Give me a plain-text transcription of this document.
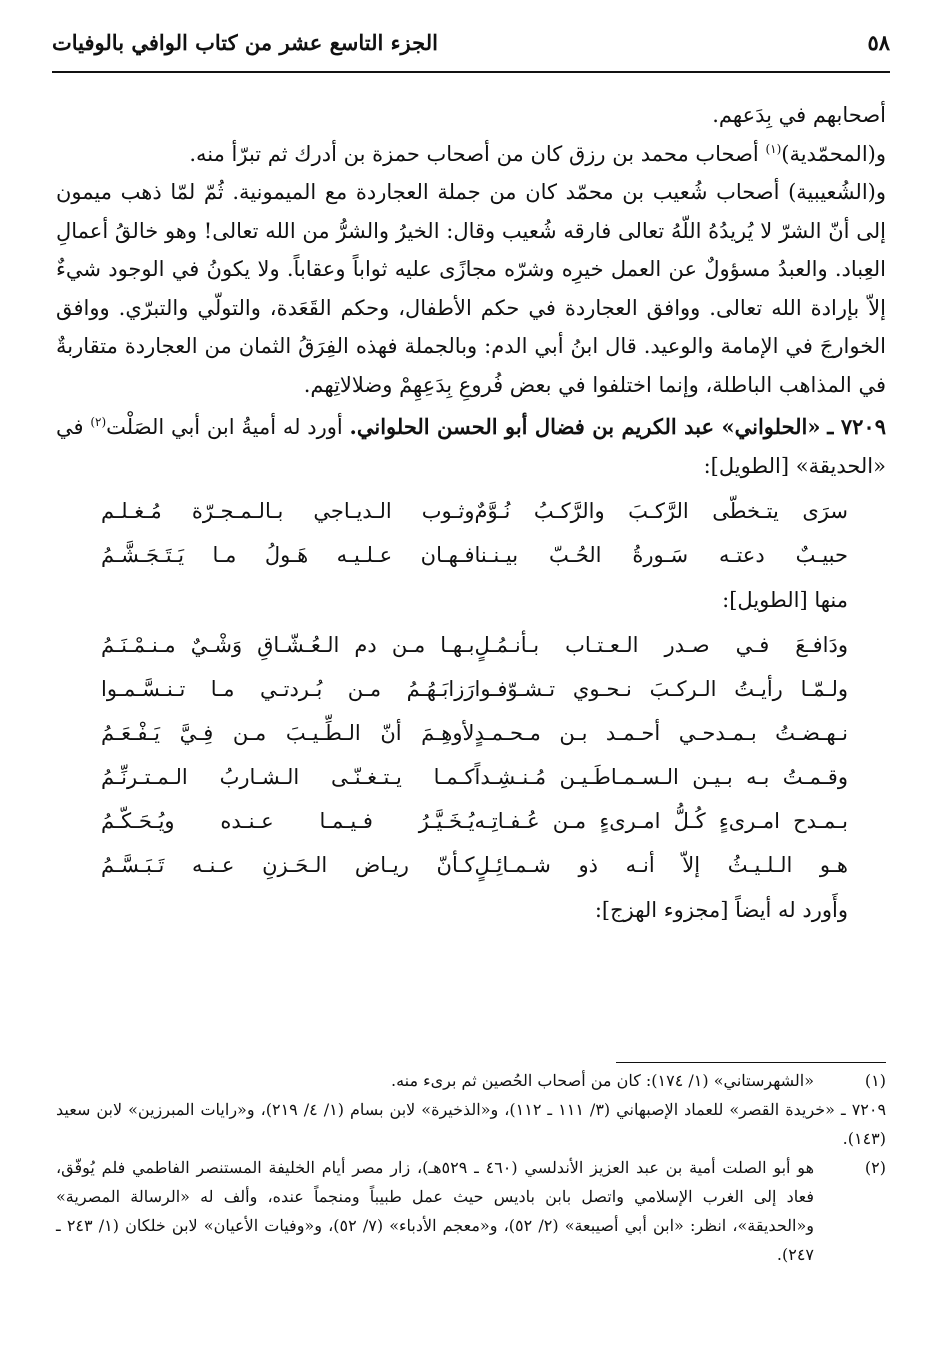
٥٨
الجزء التاسع عشر من كتاب الوافي بالوفيات

أصحابهم في بِدَعهم.

و(المحمّدية)$^{(١)}$ أصحاب محمد بن رزق كان من أصحاب حمزة بن أدرك ثم تبرّأ منه.

و(الشُعيبية) أصحاب شُعيب بن محمّد كان من جملة العجاردة مع الميمونية. ثُمّ لمّا ذهب ميمون إلى أنّ الشرّ لا يُريدُهُ اللّهُ تعالى فارقه شُعيب وقال: الخيرُ والشرُّ من الله تعالى! وهو خالقُ أعمالِ العِباد. والعبدُ مسؤولٌ عن العمل خيرِه وشرّه مجازًى عليه ثواباً وعقاباً. ولا يكونُ في الوجود شيءٌ إلاّ بإرادة الله تعالى. ووافق العجاردة في حكم الأطفال، وحكم القَعَدة، والتولّي والتبرّي. ووافق الخوارجَ في الإمامة والوعيد. قال ابنُ أبي الدم: وبالجملة فهذه الفِرَقُ الثمان من العجاردة متقاربةٌ في المذاهب الباطلة، وإنما اختلفوا في بعض فُروعِ بِدَعِهِمْ وضلالاتِهم.

٧٢٠٩ ـ «الحلواني» عبد الكريم بن فضال أبو الحسن الحلواني. أورد له أميةُ ابن أبي الصَلْت$^{(٢)}$ في «الحديقة» [الطويل]:

سرَى يتـخطّى الرَّكـبَ والرَّكـبُ نُـوَّمٌ
وثـوب الـديـاجي بـالـمـجـرّة مُـغـلـم
حبيـبٌ دعتـه سَـورةُ الحُـبّ بيـنـنا
فـهـان عـلـيـه هَـولُ مـا يَـتَـجَـشَّـمُ
منها [الطويل]:
ودَافـعَ فـي صـدر الـعـتـاب بـأنـمُـلٍ
بـهـا مـن دم الـعُـشّـاقِ وَشْـيٌ مـنـمْـنَـمُ
ولـمّـا رأيـتُ الـركـبَ نـحـوي تـشـوّفـوا
رَزابَـهُـمُ مـن بُـردتـي مـا تـنـسَّـمـوا
نـهـضـتُ بـمـدحـي أحـمـد بـن مـحـمـدٍ
لأوهِـمَ أنّ الـطِّـيـبَ مـن فِـيَّ يَـفْـعَـمُ
وقـمـتُ بـه بـيـن الـسـمـاطَـيـن مُـنـشِـداً
كـمـا يـتـغـنّـى الـشـاربُ الـمـتـرنِّـمُ
بـمـدح امـرىءٍ كُـلُّ امـرىءٍ مـن عُـفـاتِـه
يُـخَـيَّـرُ فـيـمـا عـنـده ويُـحَـكّـمُ
هـو الـلـيـثُ إلاّ أنـه ذو شـمـائِـلٍ
كـأنّ ريـاض الـحَـزنِ عـنـه تَـبَـسَّـمُ
وأَورد له أيضاً [مجزوء الهزج]:
(١)
«الشهرستاني» (١/ ١٧٤): كان من أصحاب الحُصين ثم برىء منه.
٧٢٠٩ ـ «خريدة القصر» للعماد الإصبهاني (٣/ ١١١ ـ ١١٢)، و«الذخيرة» لابن بسام (١/ ٤/ ٢١٩)، و«رايات المبرزين» لابن سعيد (١٤٣).
(٢)
هو أبو الصلت أمية بن عبد العزيز الأندلسي (٤٦٠ ـ ٥٢٩هـ)، زار مصر أيام الخليفة المستنصر الفاطمي فلم يُوفّق، فعاد إلى الغرب الإسلامي واتصل بابن باديس حيث عمل طبيباً ومنجماً عنده، وألف له «الرسالة المصرية» و«الحديقة»، انظر: «ابن أبي أصيبعة» (٢/ ٥٢)، و«معجم الأدباء» (٧/ ٥٢)، و«وفيات الأعيان» لابن خلكان (١/ ٢٤٣ ـ ٢٤٧).
